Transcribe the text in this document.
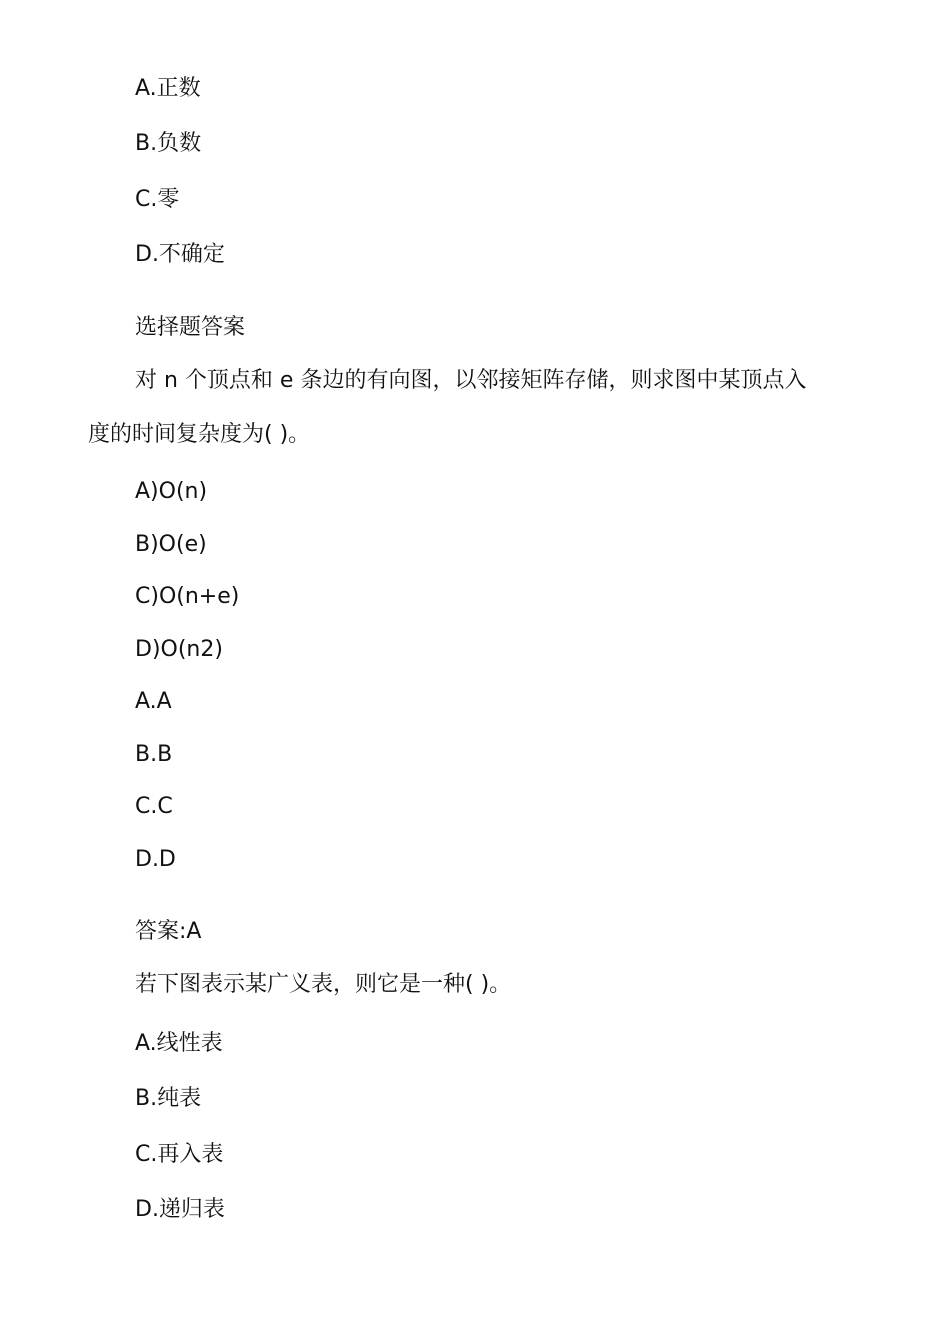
A.正数
B.负数
C.零
D.不确定
选择题答案
对 n 个顶点和 e 条边的有向图，以邻接矩阵存储，则求图中某顶点入
度的时间复杂度为( )。
A)O(n)
B)O(e)
C)O(n+e)
D)O(n2)
A.A
B.B
C.C
D.D
答案:A
若下图表示某广义表，则它是一种( )。
A.线性表
B.纯表
C.再入表
D.递归表
